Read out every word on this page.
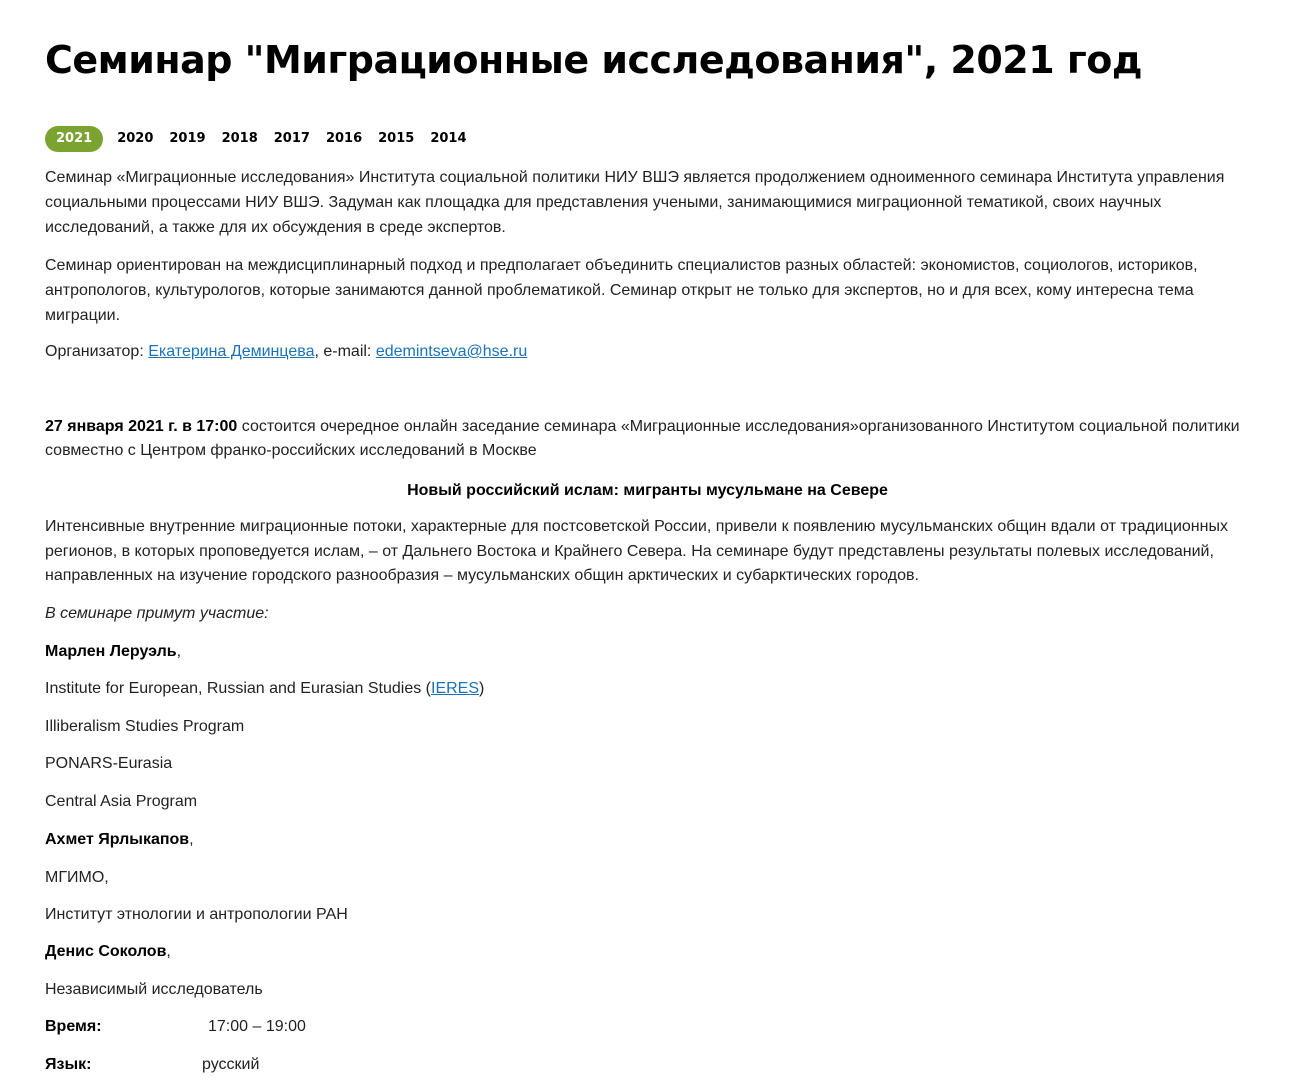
Семинар "Миграционные исследования", 2021 год
2021	2020 2019 2018 2017 2016 2015 2014

Семинар «Миграционные исследования» Института социальной политики НИУ ВШЭ является продолжением одноименного семинара Института управления социальными процессами НИУ ВШЭ. Задуман как площадка для представления учеными, занимающимися миграционной тематикой, своих научных исследований, а также для их обсуждения в среде экспертов.

Семинар ориентирован на междисциплинарный подход и предполагает объединить специалистов разных областей: экономистов, социологов, историков, антропологов, культурологов, которые занимаются данной проблематикой. Семинар открыт не только для экспертов, но и для всех, кому интересна тема миграции.

Организатор: Екатерина Деминцева, e-mail: edemintseva@hse.ru

27 января 2021 г. в 17:00 состоится очередное онлайн заседание семинара «Миграционные исследования»организованного Институтом социальной политики совместно с Центром франко-российских исследований в Москве

Новый российский ислам: мигранты мусульмане на Севере

Интенсивные внутренние миграционные потоки, характерные для постсоветской России, привели к появлению мусульманских общин вдали от традиционных регионов, в которых проповедуется ислам, – от Дальнего Востока и Крайнего Севера. На семинаре будут представлены результаты полевых исследований, направленных на изучение городского разнообразия – мусульманских общин арктических и субарктических городов.

В семинаре примут участие:
Марлен Леруэль,
Institute for European, Russian and Eurasian Studies (IERES)
Illiberalism Studies Program
PONARS-Eurasia
Central Asia Program
Ахмет Ярлыкапов,
МГИМО,
Институт этнологии и антропологии РАН
Денис Соколов,
Независимый исследователь
Время:	17:00 – 19:00
Язык:	русский
